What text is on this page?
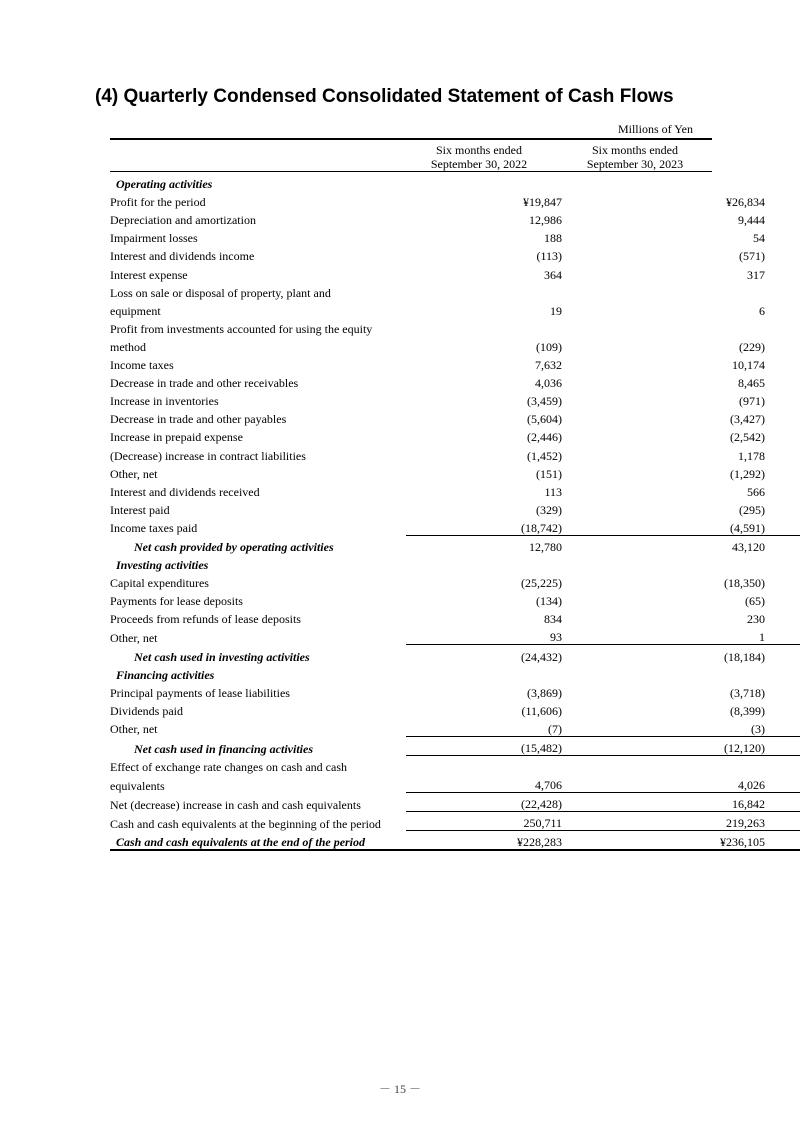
(4) Quarterly Condensed Consolidated Statement of Cash Flows
Millions of Yen
Six months ended
September 30, 2022
Six months ended
September 30, 2023
Operating activities		
Profit for the period	¥19,847	¥26,834
Depreciation and amortization	12,986	9,444
Impairment losses	188	54
Interest and dividends income	(113)	(571)
Interest expense	364	317
Loss on sale or disposal of property, plant and		
equipment	19	6
Profit from investments accounted for using the equity		
method	(109)	(229)
Income taxes	7,632	10,174
Decrease in trade and other receivables	4,036	8,465
Increase in inventories	(3,459)	(971)
Decrease in trade and other payables	(5,604)	(3,427)
Increase in prepaid expense	(2,446)	(2,542)
(Decrease) increase in contract liabilities	(1,452)	1,178
Other, net	(151)	(1,292)
Interest and dividends received	113	566
Interest paid	(329)	(295)
Income taxes paid	(18,742)	(4,591)
Net cash provided by operating activities	12,780	43,120
Investing activities		
Capital expenditures	(25,225)	(18,350)
Payments for lease deposits	(134)	(65)
Proceeds from refunds of lease deposits	834	230
Other, net	93	1
Net cash used in investing activities	(24,432)	(18,184)
Financing activities		
Principal payments of lease liabilities	(3,869)	(3,718)
Dividends paid	(11,606)	(8,399)
Other, net	(7)	(3)
Net cash used in financing activities	(15,482)	(12,120)
Effect of exchange rate changes on cash and cash		
equivalents	4,706	4,026
Net (decrease) increase in cash and cash equivalents	(22,428)	16,842
Cash and cash equivalents at the beginning of the period	250,711	219,263
Cash and cash equivalents at the end of the period	¥228,283	¥236,105
－ 15 －
